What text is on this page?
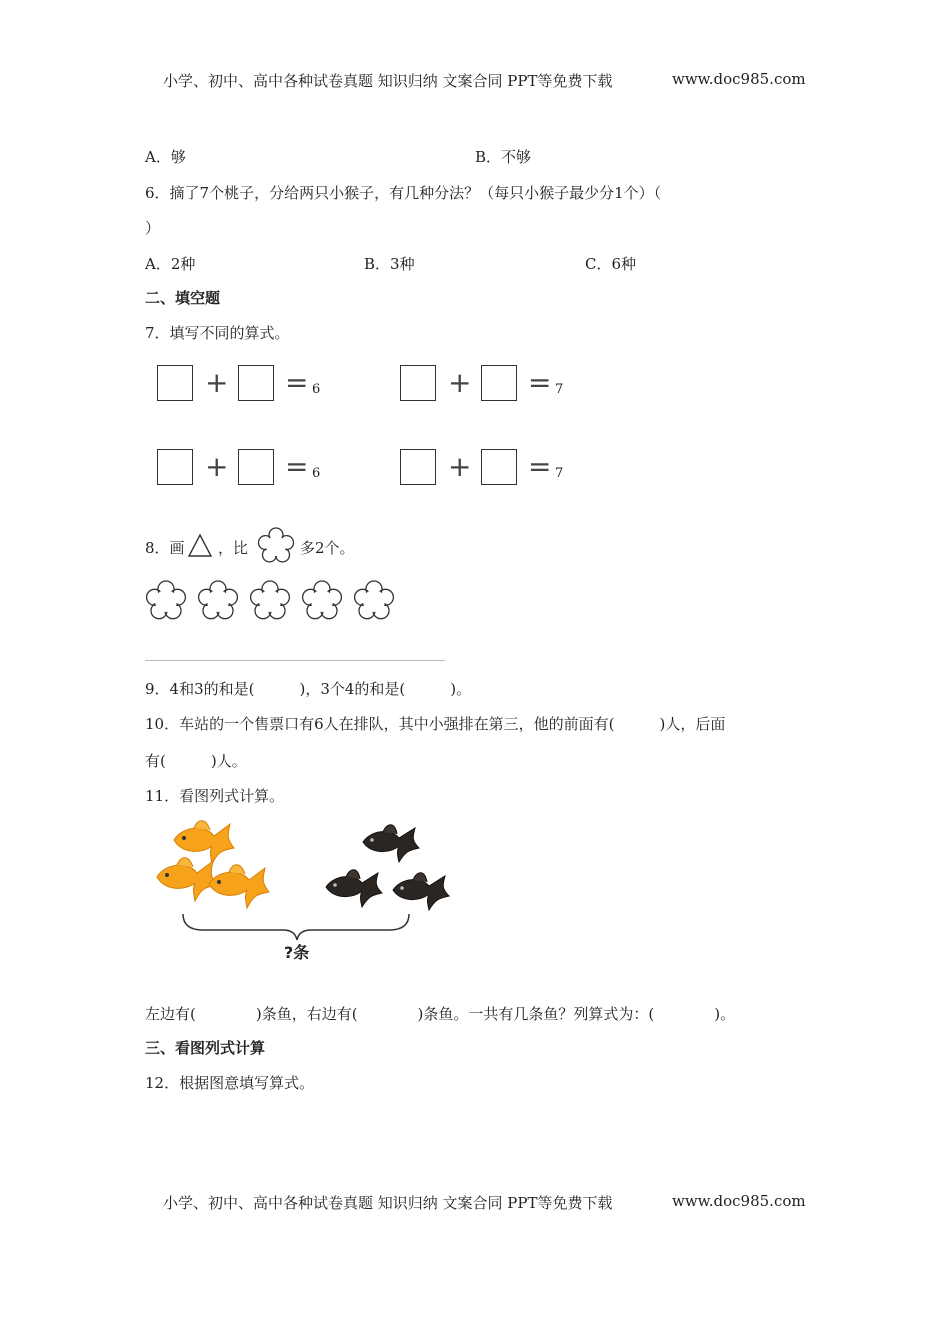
小学、初中、高中各种试卷真题 知识归纳 文案合同 PPT等免费下载	www.doc985.com
A．够	B．不够
6．摘了7个桃子，分给两只小猴子，有几种分法？（每只小猴子最少分1个）（
）
A．2种	B．3种	C．6种
二、填空题
7．填写不同的算式。
+ = 6	+ = 7
+ = 6	+ = 7
8．画 ，比	多2个。
9．4和3的和是(　　　)，3个4的和是(　　　)。
10．车站的一个售票口有6人在排队，其中小强排在第三，他的前面有(　　　)人，后面
有(　　　)人。
11．看图列式计算。
?条
左边有(　　　　)条鱼，右边有(　　　　)条鱼。一共有几条鱼？列算式为：(　　　　)。
三、看图列式计算
12．根据图意填写算式。
小学、初中、高中各种试卷真题 知识归纳 文案合同 PPT等免费下载	www.doc985.com
